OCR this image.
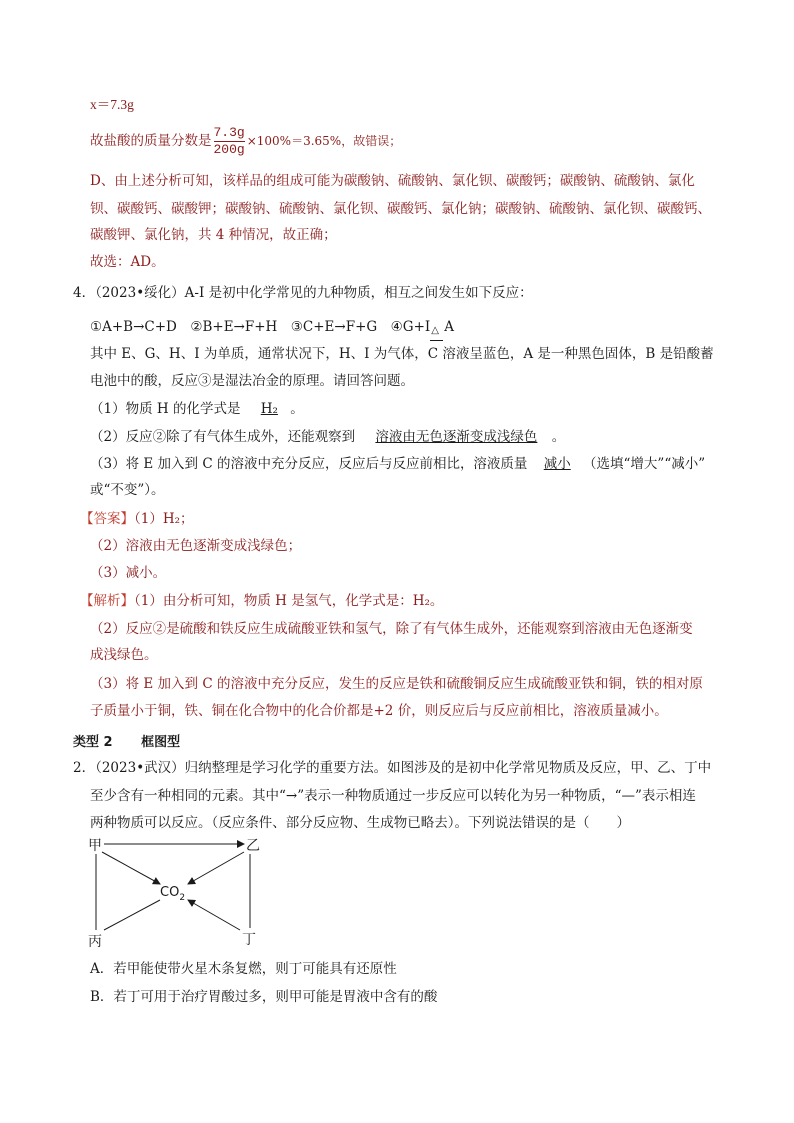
x＝7.3g
故盐酸的质量分数是 $\frac{7.3g}{200g} \times 100\%=3.65\%$，故错误；
D、由上述分析可知，该样品的组成可能为碳酸钠、硫酸钠、氯化钡、碳酸钙；碳酸钠、硫酸钠、氯化
钡、碳酸钙、碳酸钾；碳酸钠、硫酸钠、氯化钡、碳酸钙、氯化钠；碳酸钠、硫酸钠、氯化钡、碳酸钙、
碳酸钾、氯化钠，共 4 种情况，故正确；
故选：AD。
4．（2023•绥化）A-I 是初中化学常见的九种物质，相互之间发生如下反应：
①A+B→C+D　②B+E→F+H　③C+E→F+G　④G+I △ A
其中 E、G、H、I 为单质，通常状况下，H、I 为气体，C 溶液呈蓝色，A 是一种黑色固体，B 是铅酸蓄
电池中的酸，反应③是湿法冶金的原理。请回答问题。
（1）物质 H 的化学式是 H₂ 。
（2）反应②除了有气体生成外，还能观察到 溶液由无色逐渐变成浅绿色 。
（3）将 E 加入到 C 的溶液中充分反应，反应后与反应前相比，溶液质量 减小 （选填“增大”“减小”
或“不变”）。
【答案】（1）H₂；
（2）溶液由无色逐渐变成浅绿色；
（3）减小。
【解析】（1）由分析可知，物质 H 是氢气，化学式是：H₂。
（2）反应②是硫酸和铁反应生成硫酸亚铁和氢气，除了有气体生成外，还能观察到溶液由无色逐渐变
成浅绿色。
（3）将 E 加入到 C 的溶液中充分反应，发生的反应是铁和硫酸铜反应生成硫酸亚铁和铜，铁的相对原
子质量小于铜，铁、铜在化合物中的化合价都是+2 价，则反应后与反应前相比，溶液质量减小。
类型 2 框图型
2．（2023•武汉）归纳整理是学习化学的重要方法。如图涉及的是初中化学常见物质及反应，甲、乙、丁中
至少含有一种相同的元素。其中“→”表示一种物质通过一步反应可以转化为另一种物质，“—”表示相连
两种物质可以反应。（反应条件、部分反应物、生成物已略去）。下列说法错误的是（　　）
甲	乙
丙	丁
$CO_2$
A．若甲能使带火星木条复燃，则丁可能具有还原性
B．若丁可用于治疗胃酸过多，则甲可能是胃液中含有的酸
